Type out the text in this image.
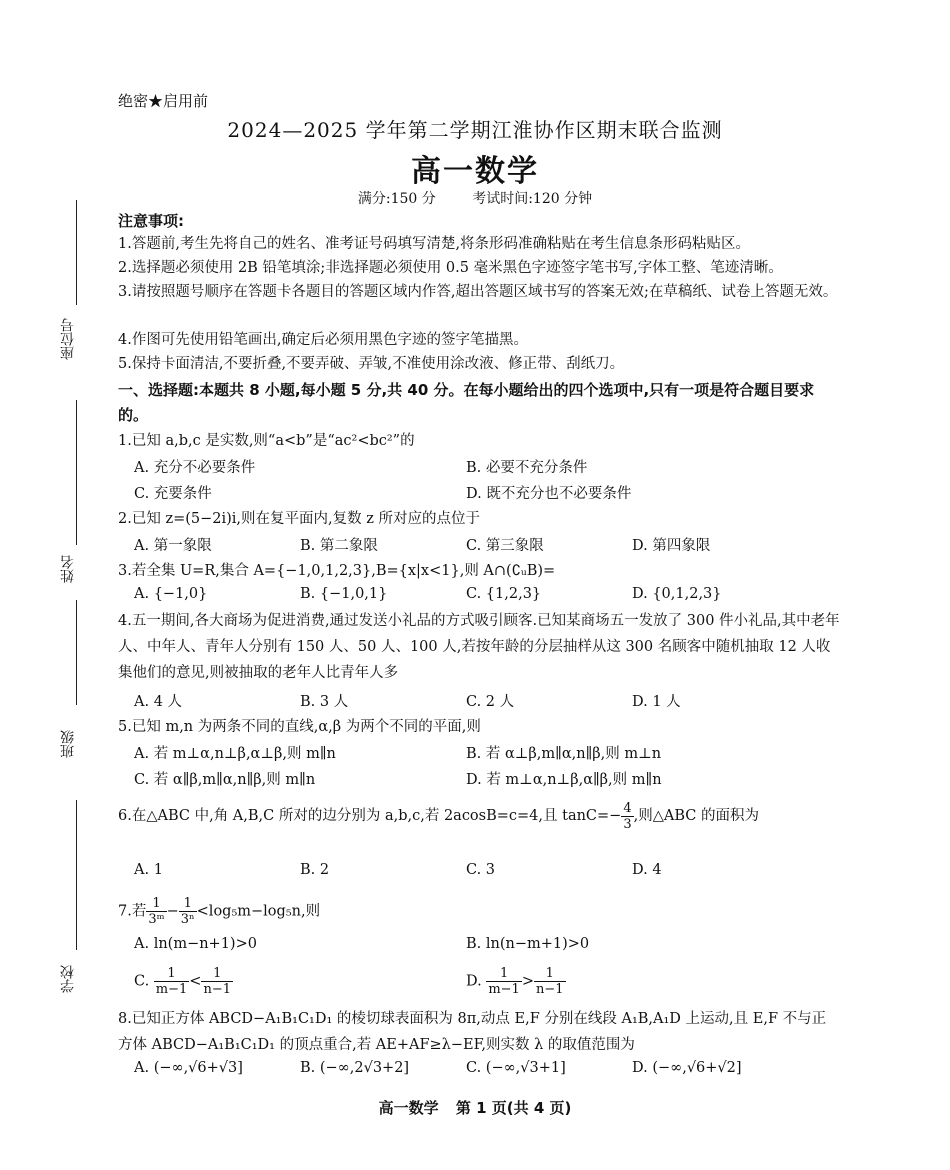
绝密★启用前
2024—2025 学年第二学期江淮协作区期末联合监测
高一数学
满分:150 分	考试时间:120 分钟
座位号
姓名
班级
学校
注意事项:
1.答题前,考生先将自己的姓名、准考证号码填写清楚,将条形码准确粘贴在考生信息条形码粘贴区。
2.选择题必须使用 2B 铅笔填涂;非选择题必须使用 0.5 毫米黑色字迹签字笔书写,字体工整、笔迹清晰。
3.请按照题号顺序在答题卡各题目的答题区域内作答,超出答题区域书写的答案无效;在草稿纸、试卷上答题无效。
4.作图可先使用铅笔画出,确定后必须用黑色字迹的签字笔描黑。
5.保持卡面清洁,不要折叠,不要弄破、弄皱,不准使用涂改液、修正带、刮纸刀。
一、选择题:本题共 8 小题,每小题 5 分,共 40 分。在每小题给出的四个选项中,只有一项是符合题目要求的。
1.已知 a,b,c 是实数,则“a<b”是“ac²<bc²”的
A. 充分不必要条件	B. 必要不充分条件
C. 充要条件	D. 既不充分也不必要条件
2.已知 z=(5−2i)i,则在复平面内,复数 z 所对应的点位于
A. 第一象限	B. 第二象限	C. 第三象限	D. 第四象限
3.若全集 U=R,集合 A={−1,0,1,2,3},B={x|x<1},则 A∩(∁ᵤB)=
A. {−1,0}	B. {−1,0,1}	C. {1,2,3}	D. {0,1,2,3}
4.五一期间,各大商场为促进消费,通过发送小礼品的方式吸引顾客.已知某商场五一发放了 300 件小礼品,其中老年人、中年人、青年人分别有 150 人、50 人、100 人,若按年龄的分层抽样从这 300 名顾客中随机抽取 12 人收集他们的意见,则被抽取的老年人比青年人多
A. 4 人	B. 3 人	C. 2 人	D. 1 人
5.已知 m,n 为两条不同的直线,α,β 为两个不同的平面,则
A. 若 m⊥α,n⊥β,α⊥β,则 m∥n	B. 若 α⊥β,m∥α,n∥β,则 m⊥n
C. 若 α∥β,m∥α,n∥β,则 m∥n	D. 若 m⊥α,n⊥β,α∥β,则 m∥n
6.在△ABC 中,角 A,B,C 所对的边分别为 a,b,c,若 2acosB=c=4,且 $\tan C=- \frac{4}{3}$ ,则△ABC 的面积为
A. 1	B. 2	C. 3	D. 4
7.若 $\frac{1}{\text{3ᵐ}} - \frac{1}{\text{3ⁿ}} <\log_5m-\log_5n$,则
A. ln(m−n+1)>0	B. ln(n−m+1)>0
C. $\frac{1}{m-1} < \frac{1}{n-1}$	D. $\frac{1}{m-1} > \frac{1}{n-1}$
8.已知正方体 ABCD−A₁B₁C₁D₁ 的棱切球表面积为 8π,动点 E,F 分别在线段 A₁B,A₁D 上运动,且 E,F 不与正方体 ABCD−A₁B₁C₁D₁ 的顶点重合,若 AE+AF≥λ−EF,则实数 λ 的取值范围为
A. (−∞,√6+√3]	B. (−∞,2√3+2]	C. (−∞,√3+1]	D. (−∞,√6+√2]
高一数学 第 1 页(共 4 页)
